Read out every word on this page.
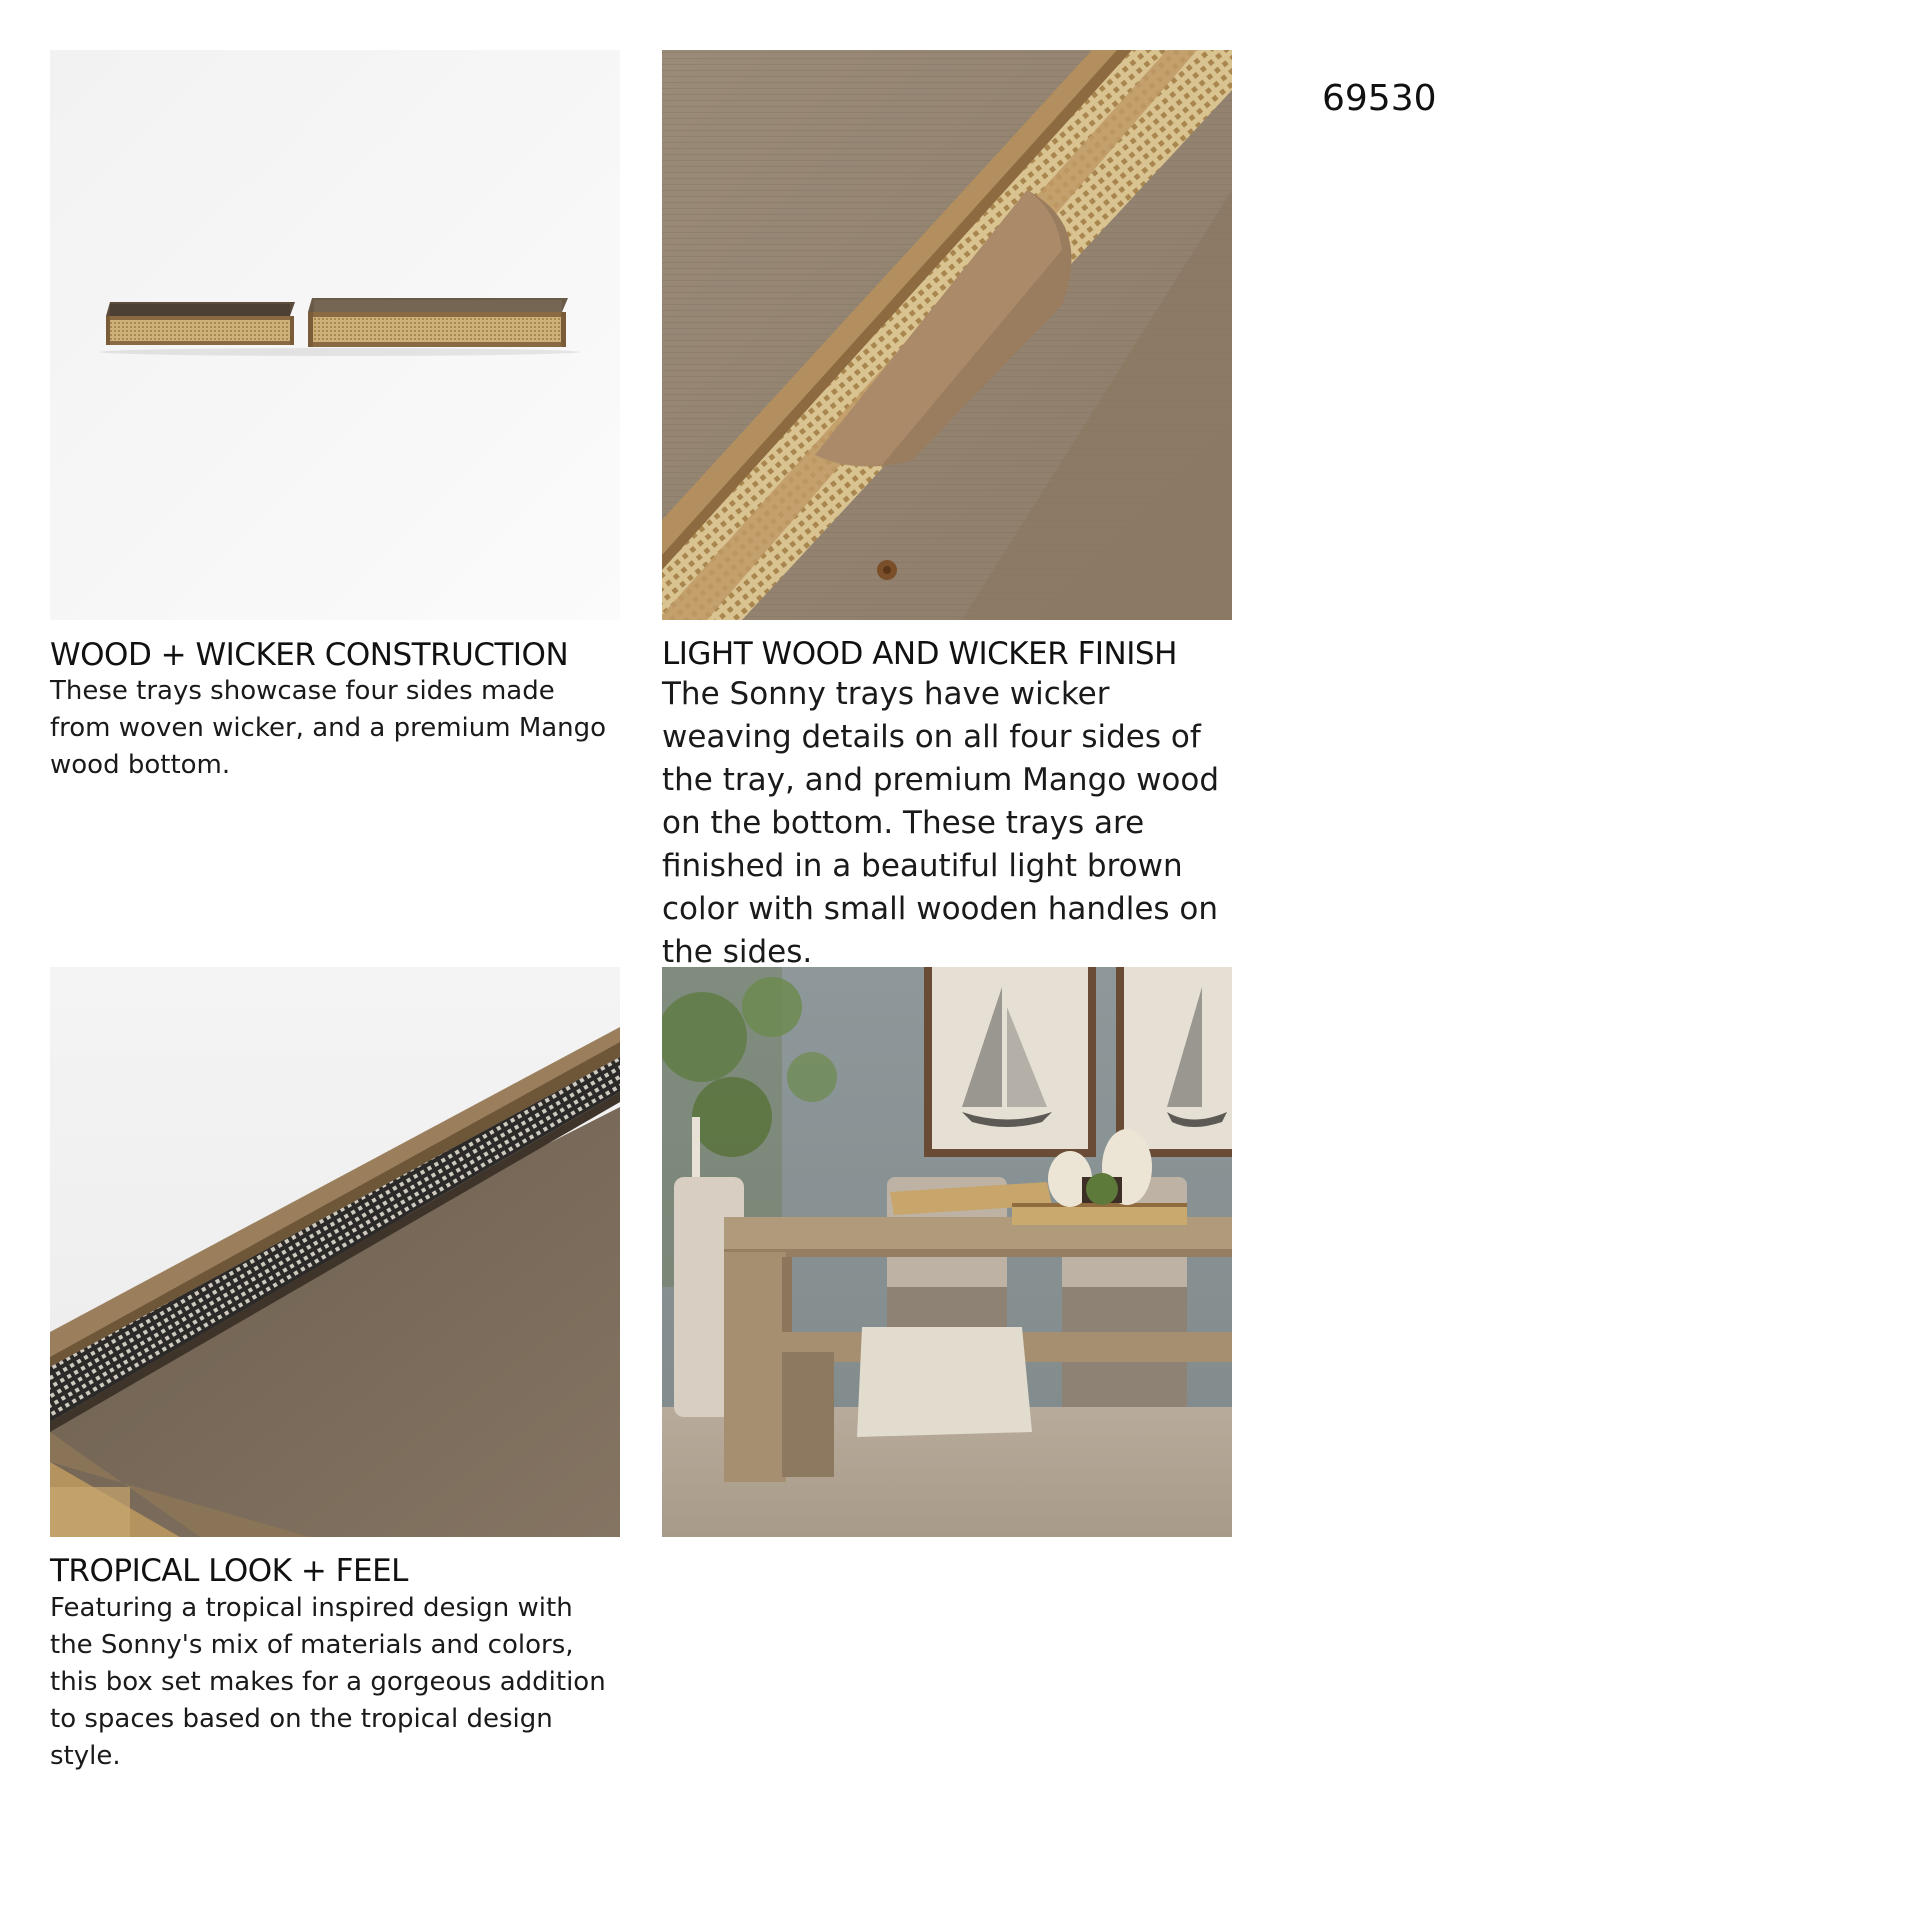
69530
WOOD + WICKER CONSTRUCTION

These trays showcase four sides made from woven wicker, and a premium Mango wood bottom.

LIGHT WOOD AND WICKER FINISH

The Sonny trays have wicker weaving details on all four sides of the tray, and premium Mango wood on the bottom. These trays are finished in a beautiful light brown color with small wooden handles on the sides.

TROPICAL LOOK + FEEL

Featuring a tropical inspired design with the Sonny's mix of materials and colors, this box set makes for a gorgeous addition to spaces based on the tropical design style.
